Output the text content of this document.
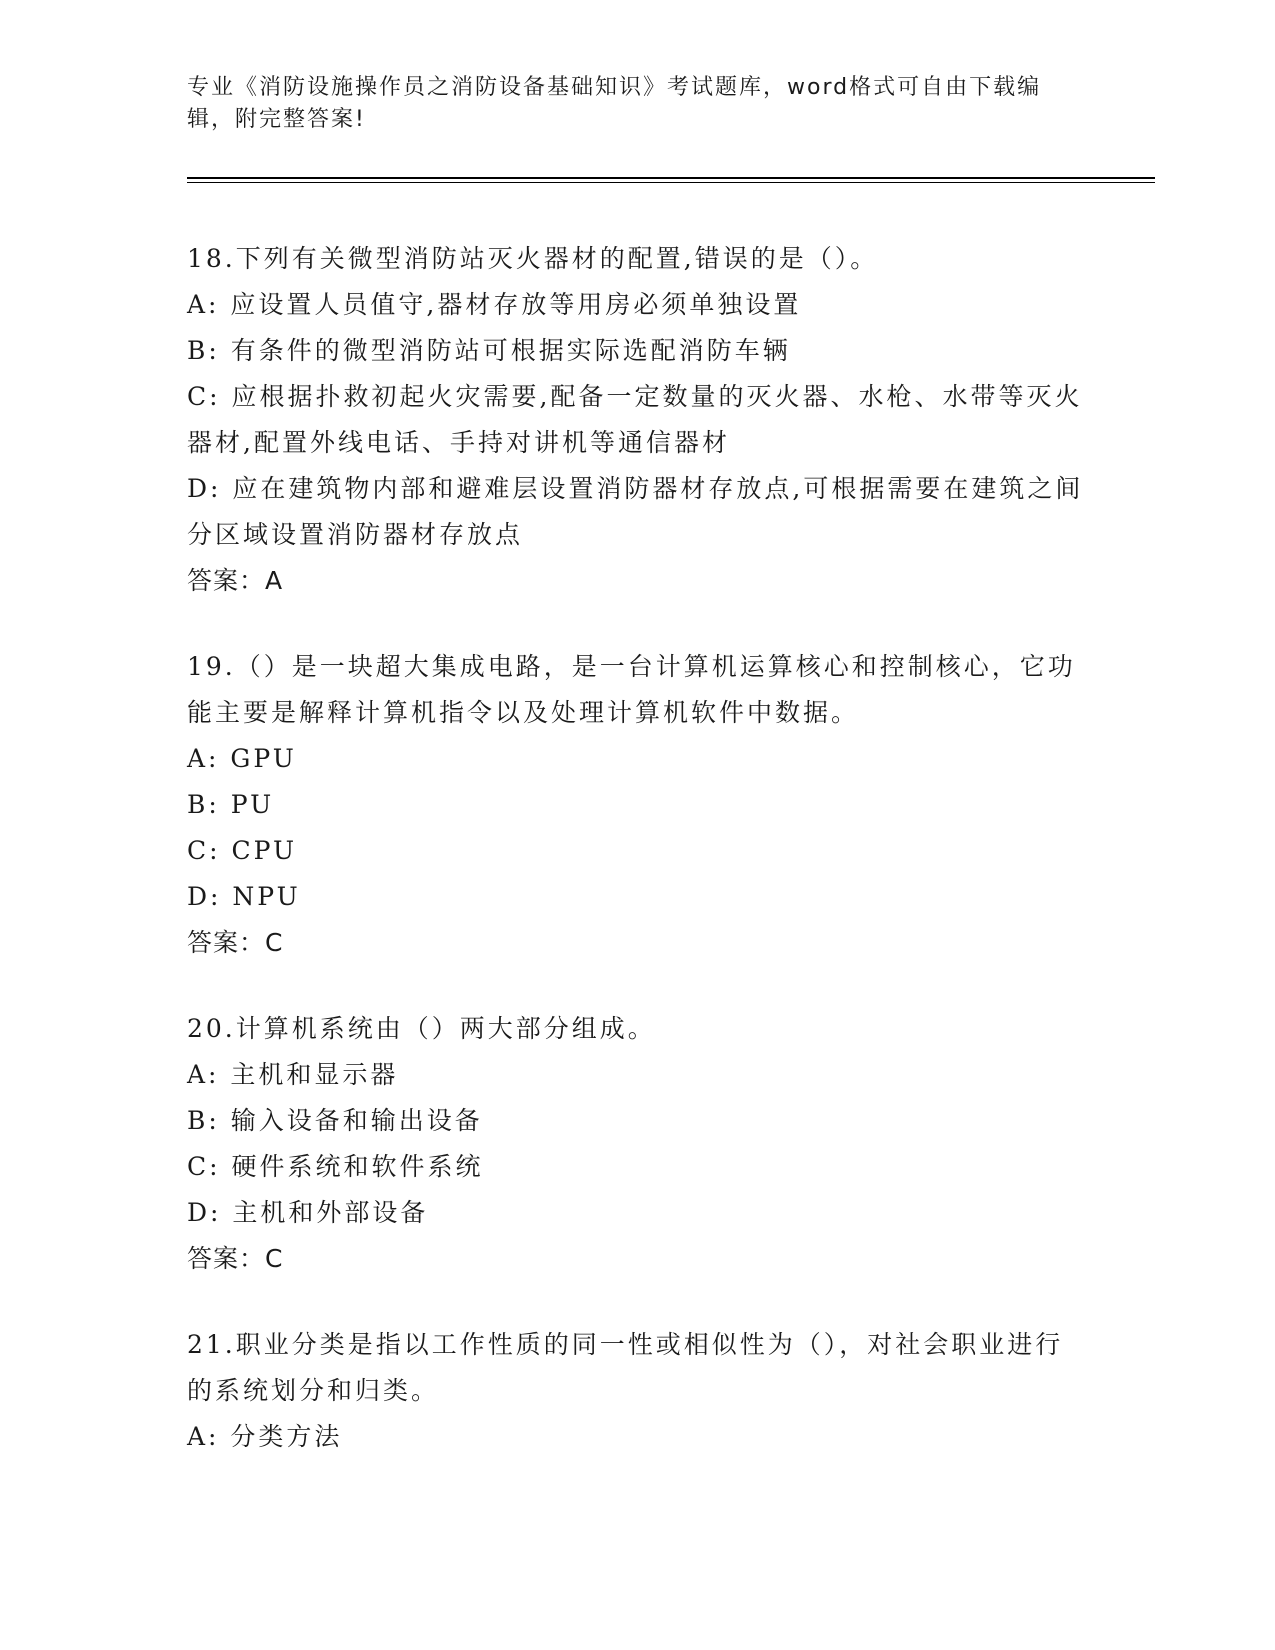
专业《消防设施操作员之消防设备基础知识》考试题库，word格式可自由下载编辑，附完整答案!

18.下列有关微型消防站灭火器材的配置,错误的是（）。

A: 应设置人员值守,器材存放等用房必须单独设置

B: 有条件的微型消防站可根据实际选配消防车辆

C: 应根据扑救初起火灾需要,配备一定数量的灭火器、水枪、水带等灭火器材,配置外线电话、手持对讲机等通信器材

D: 应在建筑物内部和避难层设置消防器材存放点,可根据需要在建筑之间分区域设置消防器材存放点

答案：A

19.（）是一块超大集成电路，是一台计算机运算核心和控制核心，它功能主要是解释计算机指令以及处理计算机软件中数据。

A: GPU

B: PU

C: CPU

D: NPU

答案：C

20.计算机系统由（）两大部分组成。

A: 主机和显示器

B: 输入设备和输出设备

C: 硬件系统和软件系统

D: 主机和外部设备

答案：C

21.职业分类是指以工作性质的同一性或相似性为（），对社会职业进行的系统划分和归类。

A: 分类方法
